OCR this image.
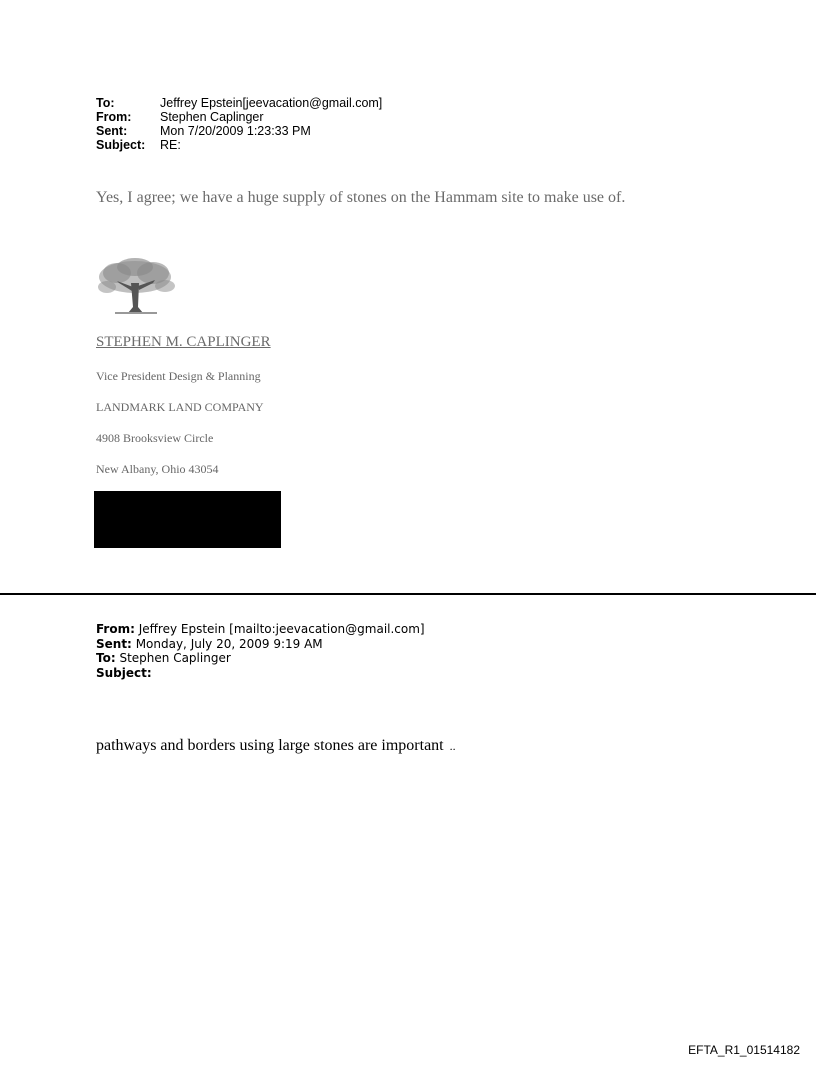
To:	Jeffrey Epstein[jeevacation@gmail.com]
From:	Stephen Caplinger
Sent:	Mon 7/20/2009 1:23:33 PM
Subject:	RE:
Yes, I agree; we have a huge supply of stones on the Hammam site to make use of.
STEPHEN M. CAPLINGER
Vice President Design & Planning
LANDMARK LAND COMPANY
4908 Brooksview Circle
New Albany, Ohio 43054
From: Jeffrey Epstein [mailto:jeevacation@gmail.com]
Sent: Monday, July 20, 2009 9:19 AM
To: Stephen Caplinger
Subject:
pathways and borders using large stones are important ..
EFTA_R1_01514182
